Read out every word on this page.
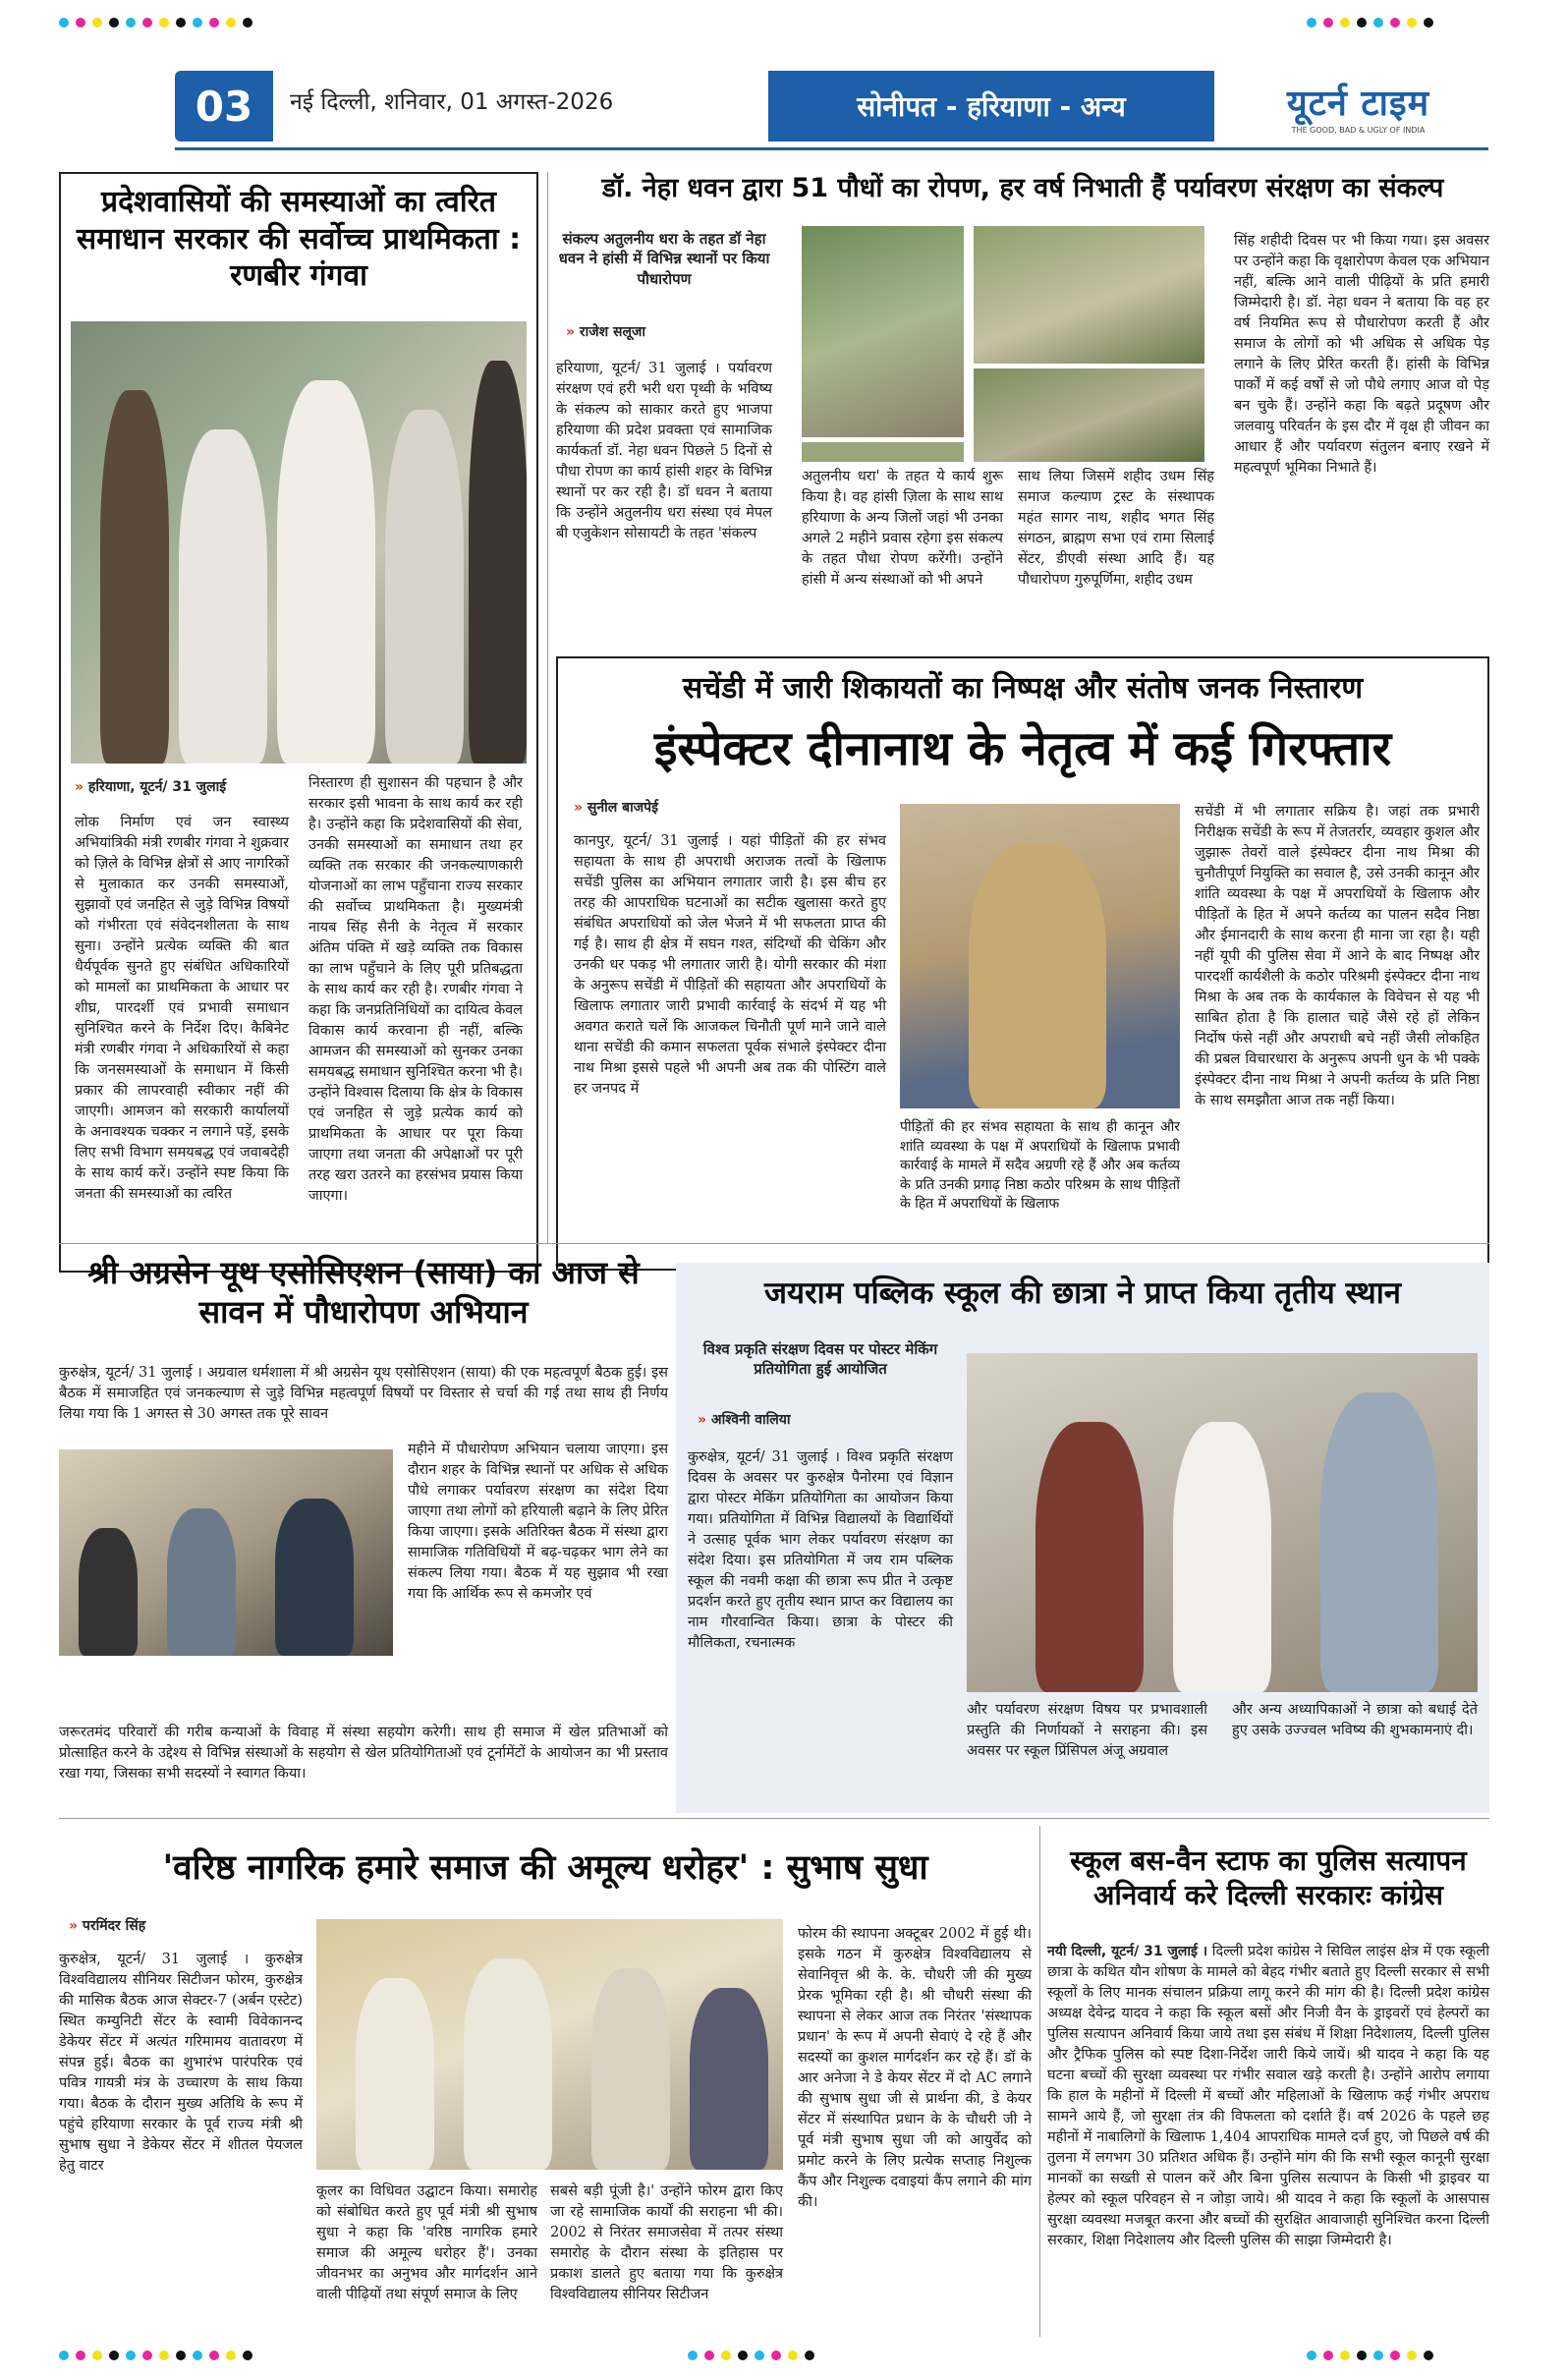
03	नई दिल्ली, शनिवार, 01 अगस्त-2026	सोनीपत - हरियाणा - अन्य	यूटर्न टाइम
THE GOOD, BAD & UGLY OF INDIA
प्रदेशवासियों की समस्याओं का त्वरित समाधान सरकार की सर्वोच्च प्राथमिकता : रणबीर गंगवा
» हरियाणा, यूटर्न/ 31 जुलाई
लोक निर्माण एवं जन स्वास्थ्य अभियांत्रिकी मंत्री रणबीर गंगवा ने शुक्रवार को ज़िले के विभिन्न क्षेत्रों से आए नागरिकों से मुलाकात कर उनकी समस्याओं, सुझावों एवं जनहित से जुड़े विभिन्न विषयों को गंभीरता एवं संवेदनशीलता के साथ सुना। उन्होंने प्रत्येक व्यक्ति की बात धैर्यपूर्वक सुनते हुए संबंधित अधिकारियों को मामलों का प्राथमिकता के आधार पर शीघ्र, पारदर्शी एवं प्रभावी समाधान सुनिश्चित करने के निर्देश दिए। कैबिनेट मंत्री रणबीर गंगवा ने अधिकारियों से कहा कि जनसमस्याओं के समाधान में किसी प्रकार की लापरवाही स्वीकार नहीं की जाएगी। आमजन को सरकारी कार्यालयों के अनावश्यक चक्कर न लगाने पड़ें, इसके लिए सभी विभाग समयबद्ध एवं जवाबदेही के साथ कार्य करें। उन्होंने स्पष्ट किया कि जनता की समस्याओं का त्वरित
निस्तारण ही सुशासन की पहचान है और सरकार इसी भावना के साथ कार्य कर रही है। उन्होंने कहा कि प्रदेशवासियों की सेवा, उनकी समस्याओं का समाधान तथा हर व्यक्ति तक सरकार की जनकल्याणकारी योजनाओं का लाभ पहुँचाना राज्य सरकार की सर्वोच्च प्राथमिकता है। मुख्यमंत्री नायब सिंह सैनी के नेतृत्व में सरकार अंतिम पंक्ति में खड़े व्यक्ति तक विकास का लाभ पहुँचाने के लिए पूरी प्रतिबद्धता के साथ कार्य कर रही है। रणबीर गंगवा ने कहा कि जनप्रतिनिधियों का दायित्व केवल विकास कार्य करवाना ही नहीं, बल्कि आमजन की समस्याओं को सुनकर उनका समयबद्ध समाधान सुनिश्चित करना भी है। उन्होंने विश्वास दिलाया कि क्षेत्र के विकास एवं जनहित से जुड़े प्रत्येक कार्य को प्राथमिकता के आधार पर पूरा किया जाएगा तथा जनता की अपेक्षाओं पर पूरी तरह खरा उतरने का हरसंभव प्रयास किया जाएगा।
डॉ. नेहा धवन द्वारा 51 पौधों का रोपण, हर वर्ष निभाती हैं पर्यावरण संरक्षण का संकल्प
संकल्प अतुलनीय धरा के तहत डॉ नेहा धवन ने हांसी में विभिन्न स्थानों पर किया पौधारोपण
» राजेश सलूजा
हरियाणा, यूटर्न/ 31 जुलाई । पर्यावरण संरक्षण एवं हरी भरी धरा पृथ्वी के भविष्य के संकल्प को साकार करते हुए भाजपा हरियाणा की प्रदेश प्रवक्ता एवं सामाजिक कार्यकर्ता डॉ. नेहा धवन पिछले 5 दिनों से पौधा रोपण का कार्य हांसी शहर के विभिन्न स्थानों पर कर रही है। डॉ धवन ने बताया कि उन्होंने अतुलनीय धरा संस्था एवं मेपल बी एजुकेशन सोसायटी के तहत 'संकल्प
अतुलनीय धरा' के तहत ये कार्य शुरू किया है। वह हांसी ज़िला के साथ साथ हरियाणा के अन्य जिलों जहां भी उनका अगले 2 महीने प्रवास रहेगा इस संकल्प के तहत पौधा रोपण करेंगी। उन्होंने हांसी में अन्य संस्थाओं को भी अपने
साथ लिया जिसमें शहीद उधम सिंह समाज कल्याण ट्रस्ट के संस्थापक महंत सागर नाथ, शहीद भगत सिंह संगठन, ब्राह्मण सभा एवं रामा सिलाई सेंटर, डीएवी संस्था आदि हैं। यह पौधारोपण गुरुपूर्णिमा, शहीद उधम
सिंह शहीदी दिवस पर भी किया गया। इस अवसर पर उन्होंने कहा कि वृक्षारोपण केवल एक अभियान नहीं, बल्कि आने वाली पीढ़ियों के प्रति हमारी जिम्मेदारी है। डॉ. नेहा धवन ने बताया कि वह हर वर्ष नियमित रूप से पौधारोपण करती हैं और समाज के लोगों को भी अधिक से अधिक पेड़ लगाने के लिए प्रेरित करती हैं। हांसी के विभिन्न पार्कों में कई वर्षों से जो पौधे लगाए आज वो पेड़ बन चुके हैं। उन्होंने कहा कि बढ़ते प्रदूषण और जलवायु परिवर्तन के इस दौर में वृक्ष ही जीवन का आधार हैं और पर्यावरण संतुलन बनाए रखने में महत्वपूर्ण भूमिका निभाते हैं।
सचेंडी में जारी शिकायतों का निष्पक्ष और संतोष जनक निस्तारण
इंस्पेक्टर दीनानाथ के नेतृत्व में कई गिरफ्तार
» सुनील बाजपेई
कानपुर, यूटर्न/ 31 जुलाई । यहां पीड़ितों की हर संभव सहायता के साथ ही अपराधी अराजक तत्वों के खिलाफ सचेंडी पुलिस का अभियान लगातार जारी है। इस बीच हर तरह की आपराधिक घटनाओं का सटीक खुलासा करते हुए संबंधित अपराधियों को जेल भेजने में भी सफलता प्राप्त की गई है। साथ ही क्षेत्र में सघन गश्त, संदिग्धों की चेकिंग और उनकी धर पकड़ भी लगातार जारी है। योगी सरकार की मंशा के अनुरूप सचेंडी में पीड़ितों की सहायता और अपराधियों के खिलाफ लगातार जारी प्रभावी कार्रवाई के संदर्भ में यह भी अवगत कराते चलें कि आजकल चिनौती पूर्ण माने जाने वाले थाना सचेंडी की कमान सफलता पूर्वक संभाले इंस्पेक्टर दीना नाथ मिश्रा इससे पहले भी अपनी अब तक की पोस्टिंग वाले हर जनपद में
पीड़ितों की हर संभव सहायता के साथ ही कानून और शांति व्यवस्था के पक्ष में अपराधियों के खिलाफ प्रभावी कार्रवाई के मामले में सदैव अग्रणी रहे हैं और अब कर्तव्य के प्रति उनकी प्रगाढ़ निष्ठा कठोर परिश्रम के साथ पीड़ितों के हित में अपराधियों के खिलाफ
सचेंडी में भी लगातार सक्रिय है। जहां तक प्रभारी निरीक्षक सचेंडी के रूप में तेजतर्रार, व्यवहार कुशल और जुझारू तेवरों वाले इंस्पेक्टर दीना नाथ मिश्रा की चुनौतीपूर्ण नियुक्ति का सवाल है, उसे उनकी कानून और शांति व्यवस्था के पक्ष में अपराधियों के खिलाफ और पीड़ितों के हित में अपने कर्तव्य का पालन सदैव निष्ठा और ईमानदारी के साथ करना ही माना जा रहा है। यही नहीं यूपी की पुलिस सेवा में आने के बाद निष्पक्ष और पारदर्शी कार्यशैली के कठोर परिश्रमी इंस्पेक्टर दीना नाथ मिश्रा के अब तक के कार्यकाल के विवेचन से यह भी साबित होता है कि हालात चाहे जैसे रहे हों लेकिन निर्दोष फंसे नहीं और अपराधी बचे नहीं जैसी लोकहित की प्रबल विचारधारा के अनुरूप अपनी धुन के भी पक्के इंस्पेक्टर दीना नाथ मिश्रा ने अपनी कर्तव्य के प्रति निष्ठा के साथ समझौता आज तक नहीं किया।
श्री अग्रसेन यूथ एसोसिएशन (साया) का आज से सावन में पौधारोपण अभियान
कुरुक्षेत्र, यूटर्न/ 31 जुलाई । अग्रवाल धर्मशाला में श्री अग्रसेन यूथ एसोसिएशन (साया) की एक महत्वपूर्ण बैठक हुई। इस बैठक में समाजहित एवं जनकल्याण से जुड़े विभिन्न महत्वपूर्ण विषयों पर विस्तार से चर्चा की गई तथा साथ ही निर्णय लिया गया कि 1 अगस्त से 30 अगस्त तक पूरे सावन
महीने में पौधारोपण अभियान चलाया जाएगा। इस दौरान शहर के विभिन्न स्थानों पर अधिक से अधिक पौधे लगाकर पर्यावरण संरक्षण का संदेश दिया जाएगा तथा लोगों को हरियाली बढ़ाने के लिए प्रेरित किया जाएगा। इसके अतिरिक्त बैठक में संस्था द्वारा सामाजिक गतिविधियों में बढ़-चढ़कर भाग लेने का संकल्प लिया गया। बैठक में यह सुझाव भी रखा गया कि आर्थिक रूप से कमजोर एवं
जरूरतमंद परिवारों की गरीब कन्याओं के विवाह में संस्था सहयोग करेगी। साथ ही समाज में खेल प्रतिभाओं को प्रोत्साहित करने के उद्देश्य से विभिन्न संस्थाओं के सहयोग से खेल प्रतियोगिताओं एवं टूर्नामेंटों के आयोजन का भी प्रस्ताव रखा गया, जिसका सभी सदस्यों ने स्वागत किया।
जयराम पब्लिक स्कूल की छात्रा ने प्राप्त किया तृतीय स्थान
विश्व प्रकृति संरक्षण दिवस पर पोस्टर मेकिंग प्रतियोगिता हुई आयोजित
» अश्विनी वालिया
कुरुक्षेत्र, यूटर्न/ 31 जुलाई । विश्व प्रकृति संरक्षण दिवस के अवसर पर कुरुक्षेत्र पैनोरमा एवं विज्ञान द्वारा पोस्टर मेकिंग प्रतियोगिता का आयोजन किया गया। प्रतियोगिता में विभिन्न विद्यालयों के विद्यार्थियों ने उत्साह पूर्वक भाग लेकर पर्यावरण संरक्षण का संदेश दिया। इस प्रतियोगिता में जय राम पब्लिक स्कूल की नवमी कक्षा की छात्रा रूप प्रीत ने उत्कृष्ट प्रदर्शन करते हुए तृतीय स्थान प्राप्त कर विद्यालय का नाम गौरवान्वित किया। छात्रा के पोस्टर की मौलिकता, रचनात्मक
और पर्यावरण संरक्षण विषय पर प्रभावशाली प्रस्तुति की निर्णायकों ने सराहना की। इस अवसर पर स्कूल प्रिंसिपल अंजू अग्रवाल
और अन्य अध्यापिकाओं ने छात्रा को बधाई देते हुए उसके उज्ज्वल भविष्य की शुभकामनाएं दी।
'वरिष्ठ नागरिक हमारे समाज की अमूल्य धरोहर' : सुभाष सुधा
» परमिंदर सिंह
कुरुक्षेत्र, यूटर्न/ 31 जुलाई । कुरुक्षेत्र विश्वविद्यालय सीनियर सिटीजन फोरम, कुरुक्षेत्र की मासिक बैठक आज सेक्टर-7 (अर्बन एस्टेट) स्थित कम्युनिटी सेंटर के स्वामी विवेकानन्द डेकेयर सेंटर में अत्यंत गरिमामय वातावरण में संपन्न हुई। बैठक का शुभारंभ पारंपरिक एवं पवित्र गायत्री मंत्र के उच्चारण के साथ किया गया। बैठक के दौरान मुख्य अतिथि के रूप में पहुंचे हरियाणा सरकार के पूर्व राज्य मंत्री श्री सुभाष सुधा ने डेकेयर सेंटर में शीतल पेयजल हेतु वाटर
कूलर का विधिवत उद्घाटन किया। समारोह को संबोधित करते हुए पूर्व मंत्री श्री सुभाष सुधा ने कहा कि 'वरिष्ठ नागरिक हमारे समाज की अमूल्य धरोहर हैं'। उनका जीवनभर का अनुभव और मार्गदर्शन आने वाली पीढ़ियों तथा संपूर्ण समाज के लिए
सबसे बड़ी पूंजी है।' उन्होंने फोरम द्वारा किए जा रहे सामाजिक कार्यों की सराहना भी की। 2002 से निरंतर समाजसेवा में तत्पर संस्था समारोह के दौरान संस्था के इतिहास पर प्रकाश डालते हुए बताया गया कि कुरुक्षेत्र विश्वविद्यालय सीनियर सिटीजन
फोरम की स्थापना अक्टूबर 2002 में हुई थी। इसके गठन में कुरुक्षेत्र विश्वविद्यालय से सेवानिवृत्त श्री के. के. चौधरी जी की मुख्य प्रेरक भूमिका रही है। श्री चौधरी संस्था की स्थापना से लेकर आज तक निरंतर 'संस्थापक प्रधान' के रूप में अपनी सेवाएं दे रहे हैं और सदस्यों का कुशल मार्गदर्शन कर रहे हैं। डॉ के आर अनेजा ने डे केयर सेंटर में दो AC लगाने की सुभाष सुधा जी से प्रार्थना की, डे केयर सेंटर में संस्थापित प्रधान के के चौधरी जी ने पूर्व मंत्री सुभाष सुधा जी को आयुर्वेद को प्रमोट करने के लिए प्रत्येक सप्ताह निशुल्क कैंप और निशुल्क दवाइयां कैंप लगाने की मांग की।
स्कूल बस-वैन स्टाफ का पुलिस सत्यापन अनिवार्य करे दिल्ली सरकारः कांग्रेस
नयी दिल्ली, यूटर्न/ 31 जुलाई । दिल्ली प्रदेश कांग्रेस ने सिविल लाइंस क्षेत्र में एक स्कूली छात्रा के कथित यौन शोषण के मामले को बेहद गंभीर बताते हुए दिल्ली सरकार से सभी स्कूलों के लिए मानक संचालन प्रक्रिया लागू करने की मांग की है। दिल्ली प्रदेश कांग्रेस अध्यक्ष देवेन्द्र यादव ने कहा कि स्कूल बसों और निजी वैन के ड्राइवरों एवं हेल्परों का पुलिस सत्यापन अनिवार्य किया जाये तथा इस संबंध में शिक्षा निदेशालय, दिल्ली पुलिस और ट्रैफिक पुलिस को स्पष्ट दिशा-निर्देश जारी किये जायें। श्री यादव ने कहा कि यह घटना बच्चों की सुरक्षा व्यवस्था पर गंभीर सवाल खड़े करती है। उन्होंने आरोप लगाया कि हाल के महीनों में दिल्ली में बच्चों और महिलाओं के खिलाफ कई गंभीर अपराध सामने आये हैं, जो सुरक्षा तंत्र की विफलता को दर्शाते हैं। वर्ष 2026 के पहले छह महीनों में नाबालिगों के खिलाफ 1,404 आपराधिक मामले दर्ज हुए, जो पिछले वर्ष की तुलना में लगभग 30 प्रतिशत अधिक हैं। उन्होंने मांग की कि सभी स्कूल कानूनी सुरक्षा मानकों का सख्ती से पालन करें और बिना पुलिस सत्यापन के किसी भी ड्राइवर या हेल्पर को स्कूल परिवहन से न जोड़ा जाये। श्री यादव ने कहा कि स्कूलों के आसपास सुरक्षा व्यवस्था मजबूत करना और बच्चों की सुरक्षित आवाजाही सुनिश्चित करना दिल्ली सरकार, शिक्षा निदेशालय और दिल्ली पुलिस की साझा जिम्मेदारी है।
